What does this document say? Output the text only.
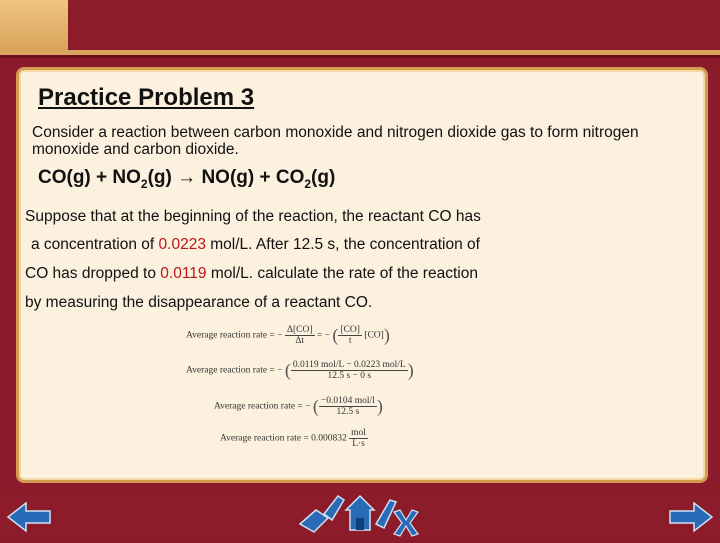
Practice Problem 3
Consider a reaction between carbon monoxide and nitrogen dioxide gas to form nitrogen monoxide and carbon dioxide.
$CO(g) + NO_2(g) \to NO(g) + CO_2(g)$
Suppose that at the beginning of the reaction, the reactant CO has
a concentration of 0.0223 mol/L. After 12.5 s, the concentration of
CO has dropped to 0.0119 mol/L. calculate the rate of the reaction
by measuring the disappearance of a reactant CO.
Average reaction rate = − $\frac{\Delta[CO]}{\Delta t}$ = − ( $\frac{[CO]}{t} [CO]$)
Average reaction rate = − ( $\frac{\text{0.0119 mol/L − 0.0223 mol/L}}{12.5 s - 0 s}$ )
Average reaction rate = − ( $\frac{\text{−0.0104 mol/l}}{12.5 s}$ )
Average reaction rate = $0.000832 \frac{\text{mol}}{L\cdot s}$
